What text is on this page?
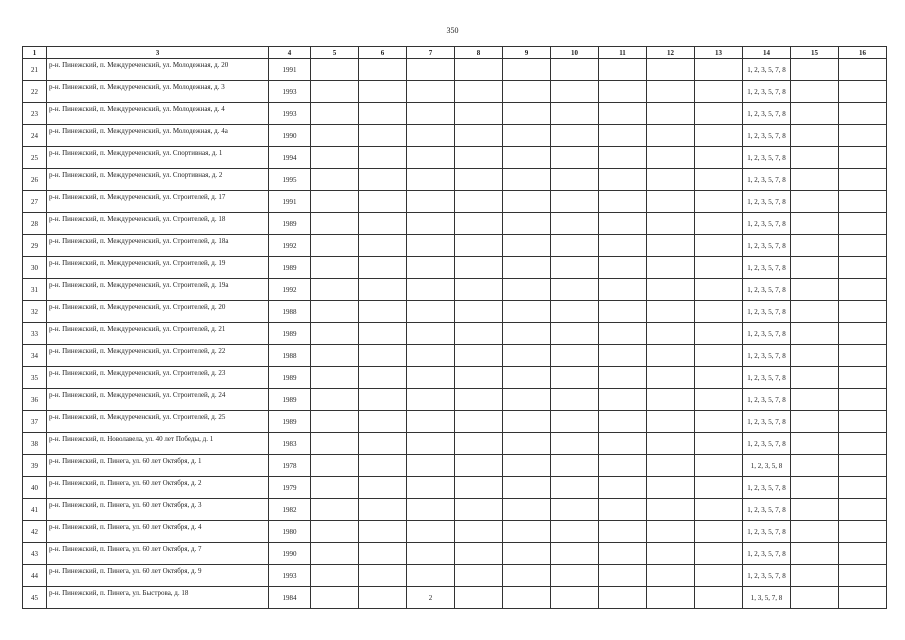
350
1	3	4	5	6	7	8	9	10	11	12	13	14	15	16
21	р-н. Пинежский, п. Междуреченский, ул. Молодежная, д. 20	1991										1, 2, 3, 5, 7, 8		
22	р-н. Пинежский, п. Междуреченский, ул. Молодежная, д. 3	1993										1, 2, 3, 5, 7, 8		
23	р-н. Пинежский, п. Междуреченский, ул. Молодежная, д. 4	1993										1, 2, 3, 5, 7, 8		
24	р-н. Пинежский, п. Междуреченский, ул. Молодежная, д. 4а	1990										1, 2, 3, 5, 7, 8		
25	р-н. Пинежский, п. Междуреченский, ул. Спортивная, д. 1	1994										1, 2, 3, 5, 7, 8		
26	р-н. Пинежский, п. Междуреченский, ул. Спортивная, д. 2	1995										1, 2, 3, 5, 7, 8		
27	р-н. Пинежский, п. Междуреченский, ул. Строителей, д. 17	1991										1, 2, 3, 5, 7, 8		
28	р-н. Пинежский, п. Междуреченский, ул. Строителей, д. 18	1989										1, 2, 3, 5, 7, 8		
29	р-н. Пинежский, п. Междуреченский, ул. Строителей, д. 18а	1992										1, 2, 3, 5, 7, 8		
30	р-н. Пинежский, п. Междуреченский, ул. Строителей, д. 19	1989										1, 2, 3, 5, 7, 8		
31	р-н. Пинежский, п. Междуреченский, ул. Строителей, д. 19а	1992										1, 2, 3, 5, 7, 8		
32	р-н. Пинежский, п. Междуреченский, ул. Строителей, д. 20	1988										1, 2, 3, 5, 7, 8		
33	р-н. Пинежский, п. Междуреченский, ул. Строителей, д. 21	1989										1, 2, 3, 5, 7, 8		
34	р-н. Пинежский, п. Междуреченский, ул. Строителей, д. 22	1988										1, 2, 3, 5, 7, 8		
35	р-н. Пинежский, п. Междуреченский, ул. Строителей, д. 23	1989										1, 2, 3, 5, 7, 8		
36	р-н. Пинежский, п. Междуреченский, ул. Строителей, д. 24	1989										1, 2, 3, 5, 7, 8		
37	р-н. Пинежский, п. Междуреченский, ул. Строителей, д. 25	1989										1, 2, 3, 5, 7, 8		
38	р-н. Пинежский, п. Новолавела, ул. 40 лет Победы, д. 1	1983										1, 2, 3, 5, 7, 8		
39	р-н. Пинежский, п. Пинега, ул. 60 лет Октября, д. 1	1978										1, 2, 3, 5, 8		
40	р-н. Пинежский, п. Пинега, ул. 60 лет Октября, д. 2	1979										1, 2, 3, 5, 7, 8		
41	р-н. Пинежский, п. Пинега, ул. 60 лет Октября, д. 3	1982										1, 2, 3, 5, 7, 8		
42	р-н. Пинежский, п. Пинега, ул. 60 лет Октября, д. 4	1980										1, 2, 3, 5, 7, 8		
43	р-н. Пинежский, п. Пинега, ул. 60 лет Октября, д. 7	1990										1, 2, 3, 5, 7, 8		
44	р-н. Пинежский, п. Пинега, ул. 60 лет Октября, д. 9	1993										1, 2, 3, 5, 7, 8		
45	р-н. Пинежский, п. Пинега, ул. Быстрова, д. 18	1984			2							1, 3, 5, 7, 8		
